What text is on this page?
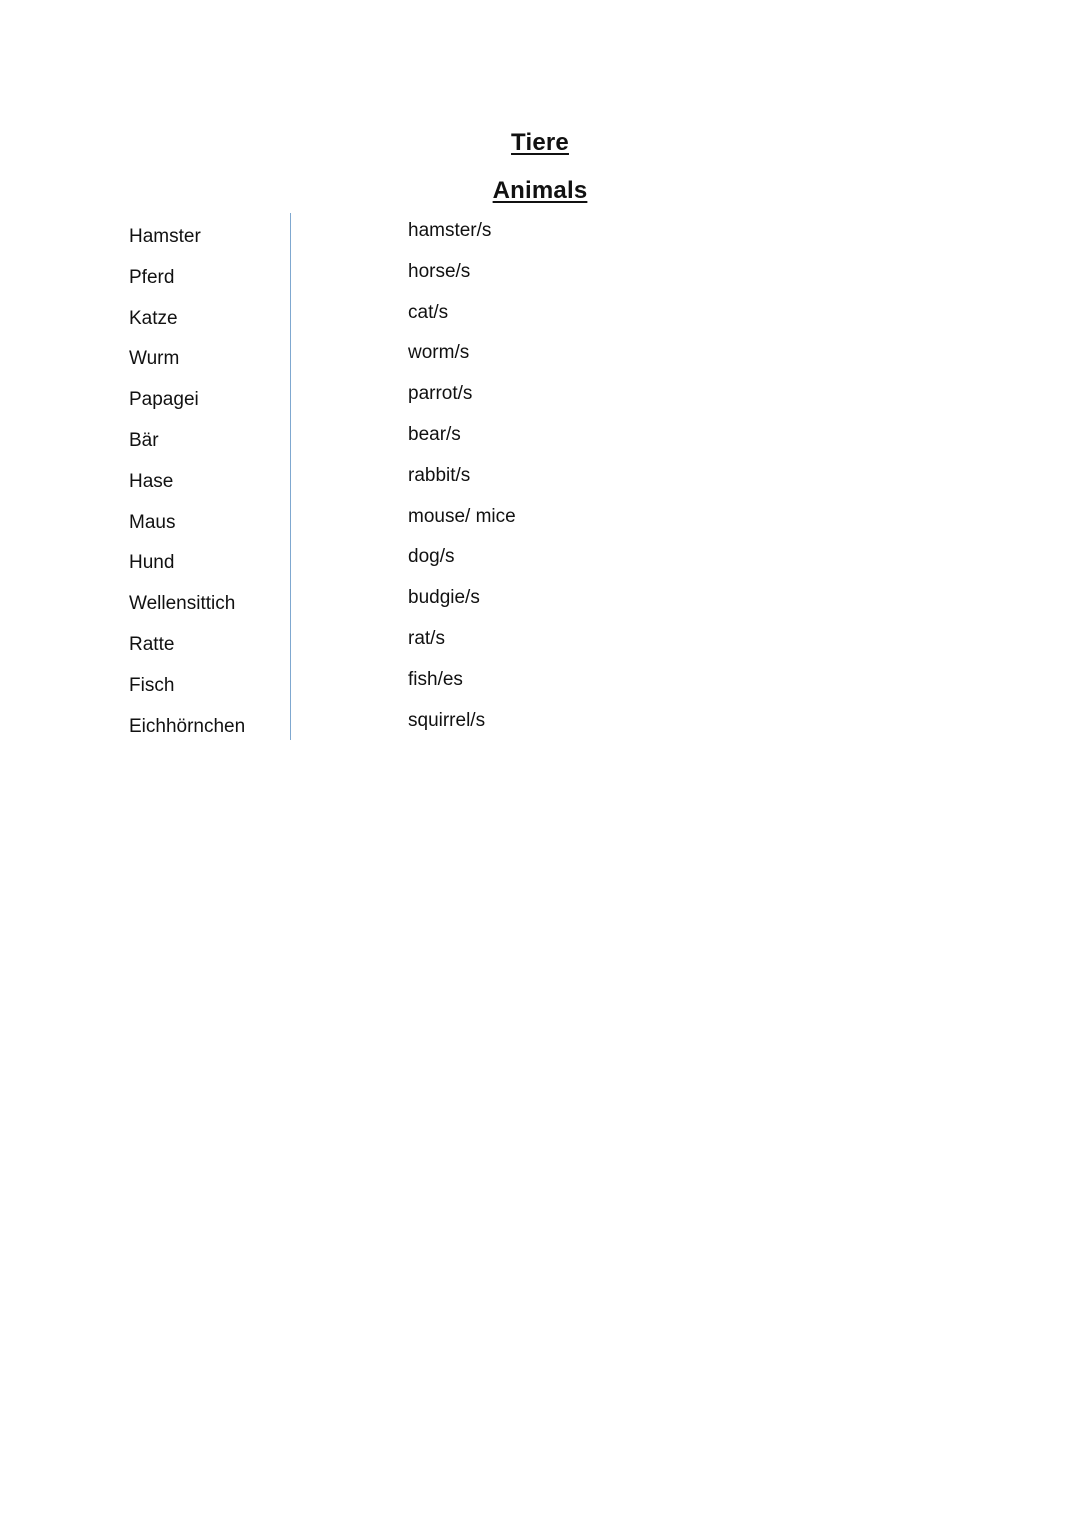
Tiere
Animals
Hamster
Pferd
Katze
Wurm
Papagei
Bär
Hase
Maus
Hund
Wellensittich
Ratte
Fisch
Eichhörnchen
hamster/s
horse/s
cat/s
worm/s
parrot/s
bear/s
rabbit/s
mouse/ mice
dog/s
budgie/s
rat/s
fish/es
squirrel/s
